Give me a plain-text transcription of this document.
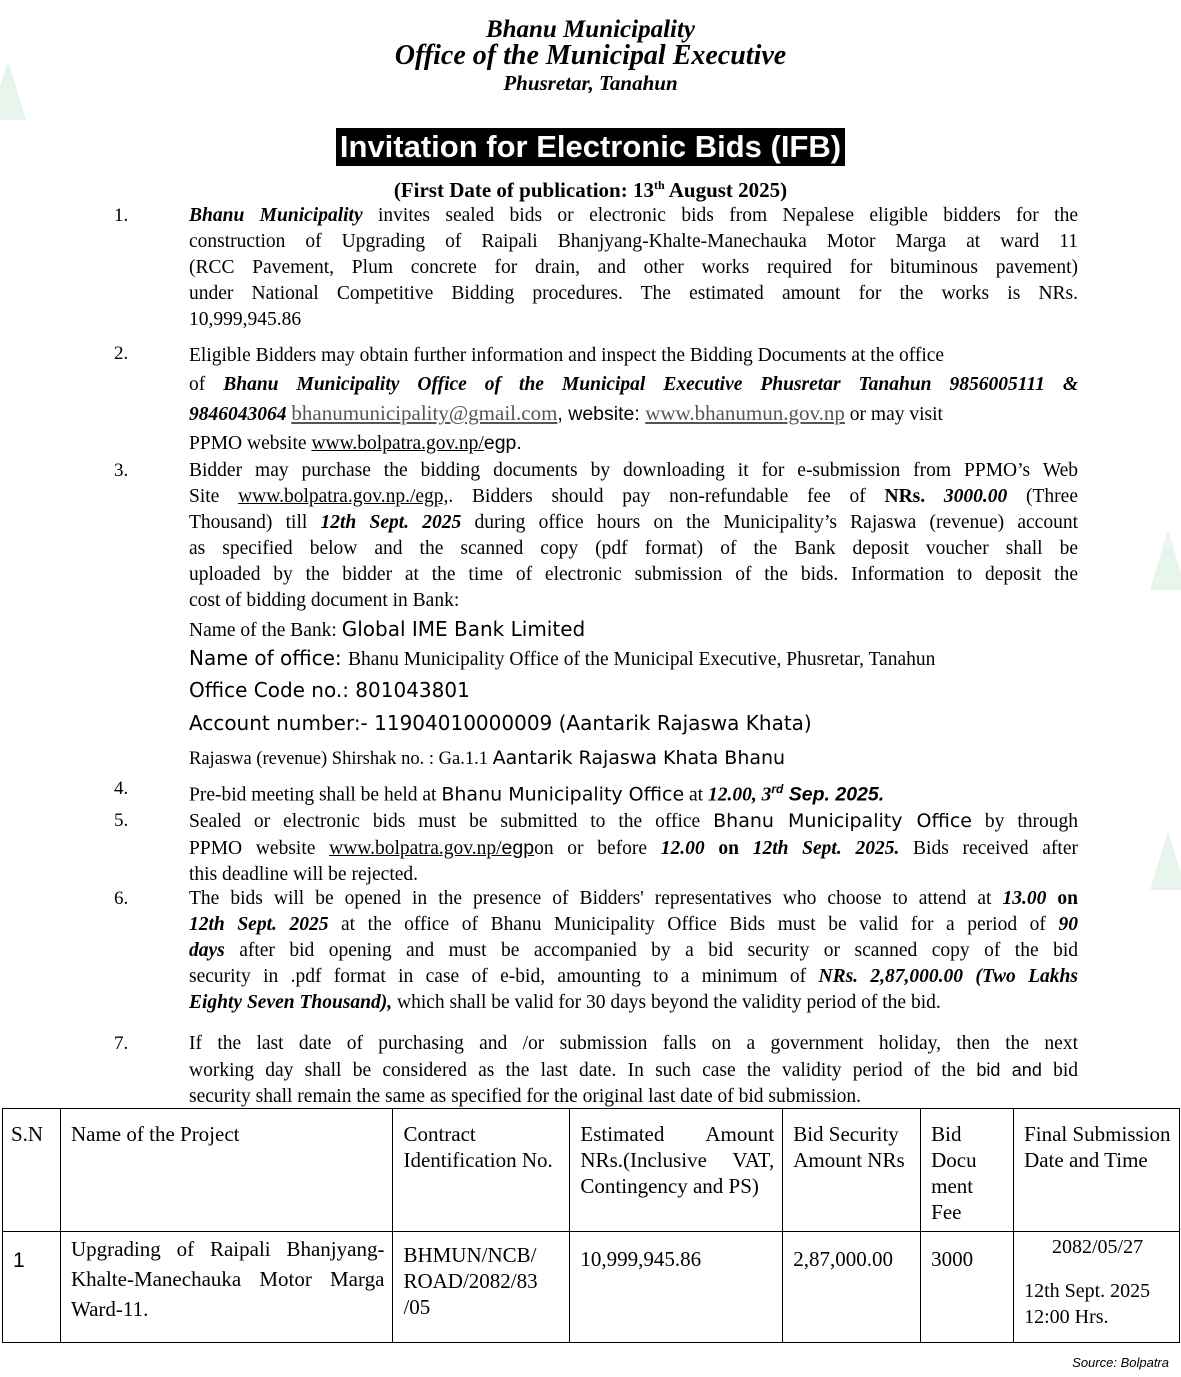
Bhanu Municipality
Office of the Municipal Executive
Phusretar, Tanahun
Invitation for Electronic Bids (IFB)
(First Date of publication: 13th August 2025)
1.	Bhanu Municipality invites sealed bids or electronic bids from Nepalese eligible bidders for the
construction of Upgrading of Raipali Bhanjyang-Khalte-Manechauka Motor Marga at ward 11
(RCC Pavement, Plum concrete for drain, and other works required for bituminous pavement)
under National Competitive Bidding procedures. The estimated amount for the works is NRs.
10,999,945.86
2.	Eligible Bidders may obtain further information and inspect the Bidding Documents at the office
of Bhanu Municipality Office of the Municipal Executive Phusretar Tanahun 9856005111 &
9846043064 bhanumunicipality@gmail.com, website: www.bhanumun.gov.np or may visit
PPMO website www.bolpatra.gov.np/egp.
3.	Bidder may purchase the bidding documents by downloading it for e-submission from PPMO’s Web
Site www.bolpatra.gov.np./egp,. Bidders should pay non-refundable fee of NRs. 3000.00 (Three
Thousand) till 12th Sept. 2025 during office hours on the Municipality’s Rajaswa (revenue) account
as specified below and the scanned copy (pdf format) of the Bank deposit voucher shall be
uploaded by the bidder at the time of electronic submission of the bids. Information to deposit the
cost of bidding document in Bank:
Name of the Bank: Global IME Bank Limited
Name of office: Bhanu Municipality Office of the Municipal Executive, Phusretar, Tanahun
Office Code no.: 801043801
Account number:- 11904010000009 (Aantarik Rajaswa Khata)
Rajaswa (revenue) Shirshak no. : Ga.1.1 Aantarik Rajaswa Khata Bhanu
4.	Pre-bid meeting shall be held at Bhanu Municipality Office at 12.00, 3rd Sep. 2025.
5.	Sealed or electronic bids must be submitted to the office Bhanu Municipality Office by through
PPMO website www.bolpatra.gov.np/egpon or before 12.00 on 12th Sept. 2025. Bids received after
this deadline will be rejected.
6.	The bids will be opened in the presence of Bidders' representatives who choose to attend at 13.00 on
12th Sept. 2025 at the office of Bhanu Municipality Office Bids must be valid for a period of 90
days after bid opening and must be accompanied by a bid security or scanned copy of the bid
security in .pdf format in case of e-bid, amounting to a minimum of NRs. 2,87,000.00 (Two Lakhs
Eighty Seven Thousand), which shall be valid for 30 days beyond the validity period of the bid.
7.	If the last date of purchasing and /or submission falls on a government holiday, then the next
working day shall be considered as the last date. In such case the validity period of the bid and bid
security shall remain the same as specified for the original last date of bid submission.
S.N	Name of the Project	Contract Identification No.	Estimated Amount NRs.(Inclusive VAT, Contingency and PS)	Bid Security Amount NRs	Bid Docu ment Fee	Final Submission Date and Time
1	Upgrading of Raipali Bhanjyang-Khalte-Manechauka Motor Marga Ward-11.	BHMUN/NCB/ ROAD/2082/83 /05	10,999,945.86	2,87,000.00	3000	2082/05/27
12th Sept. 2025
12:00 Hrs.
Source: Bolpatra
